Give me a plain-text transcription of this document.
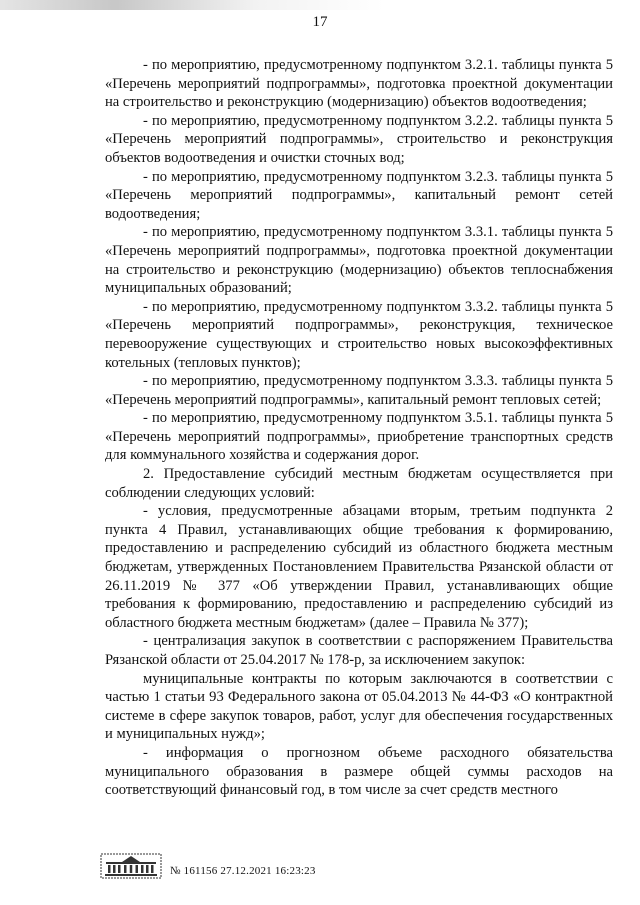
17

- по мероприятию, предусмотренному подпунктом 3.2.1. таблицы пункта 5 «Перечень мероприятий подпрограммы», подготовка проектной документации на строительство и реконструкцию (модернизацию) объектов водоотведения;

- по мероприятию, предусмотренному подпунктом 3.2.2. таблицы пункта 5 «Перечень мероприятий подпрограммы», строительство и реконструкция объектов водоотведения и очистки сточных вод;

- по мероприятию, предусмотренному подпунктом 3.2.3. таблицы пункта 5 «Перечень мероприятий подпрограммы», капитальный ремонт сетей водоотведения;

- по мероприятию, предусмотренному подпунктом 3.3.1. таблицы пункта 5 «Перечень мероприятий подпрограммы», подготовка проектной документации на строительство и реконструкцию (модернизацию) объектов теплоснабжения муниципальных образований;

- по мероприятию, предусмотренному подпунктом 3.3.2. таблицы пункта 5 «Перечень мероприятий подпрограммы», реконструкция, техническое перевооружение существующих и строительство новых высокоэффективных котельных (тепловых пунктов);

- по мероприятию, предусмотренному подпунктом 3.3.3. таблицы пункта 5 «Перечень мероприятий подпрограммы», капитальный ремонт тепловых сетей;

- по мероприятию, предусмотренному подпунктом 3.5.1. таблицы пункта 5 «Перечень мероприятий подпрограммы», приобретение транспортных средств для коммунального хозяйства и содержания дорог.

2. Предоставление субсидий местным бюджетам осуществляется при соблюдении следующих условий:

- условия, предусмотренные абзацами вторым, третьим подпункта 2 пункта 4 Правил, устанавливающих общие требования к формированию, предоставлению и распределению субсидий из областного бюджета местным бюджетам, утвержденных Постановлением Правительства Рязанской области от 26.11.2019 № 377 «Об утверждении Правил, устанавливающих общие требования к формированию, предоставлению и распределению субсидий из областного бюджета местным бюджетам» (далее – Правила № 377);

- централизация закупок в соответствии с распоряжением Правительства Рязанской области от 25.04.2017 № 178-р, за исключением закупок:

муниципальные контракты по которым заключаются в соответствии с частью 1 статьи 93 Федерального закона от 05.04.2013 № 44-ФЗ «О контрактной системе в сфере закупок товаров, работ, услуг для обеспечения государственных и муниципальных нужд»;

- информация о прогнозном объеме расходного обязательства муниципального образования в размере общей суммы расходов на соответствующий финансовый год, в том числе за счет средств местного

№ 161156 27.12.2021 16:23:23
